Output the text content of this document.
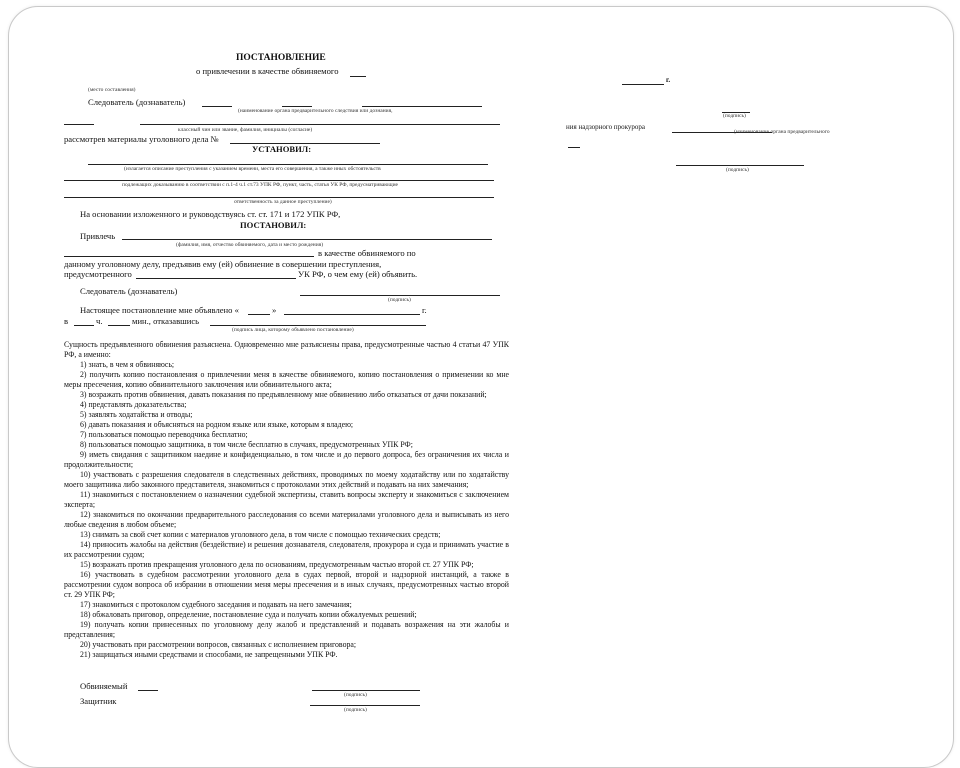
ПОСТАНОВЛЕНИЕ
о привлечении в качестве обвиняемого
г.
(место составления)
Следователь (дознаватель)
(наименование органа предварительного следствия или дознания,
классный чин или звание, фамилия, инициалы (согласие)
рассмотрев материалы уголовного дела №
(подпись)
ния надзорного прокурора
(наименование органа предварительного
(подпись)
УСТАНОВИЛ:
(излагается описание преступления с указанием времени, места его совершения, а также иных обстоятельств
подлежащих доказыванию в соответствии с п.1-4 ч.1 ст.73 УПК РФ, пункт, часть, статья УК РФ, предусматривающие
ответственность за данное преступление)
На основании изложенного и руководствуясь ст. ст. 171 и 172 УПК РФ,
ПОСТАНОВИЛ:
Привлечь
(фамилия, имя, отчество обвиняемого, дата и место рождения)
в качестве обвиняемого по
данному уголовному делу, предъявив ему (ей) обвинение в совершении преступления,
предусмотренного	УК РФ, о чем ему (ей) объявить.
Следователь (дознаватель)
(подпись)
Настоящее постановление мне объявлено «	»	г.
в	ч.	мин., отказавшись
(подпись лица, которому объявлено постановление)
Сущность предъявленного обвинения разъяснена. Одновременно мне разъяснены права, предусмотренные частью 4 статьи 47 УПК РФ, а именно:
1) знать, в чем я обвиняюсь;
2) получить копию постановления о привлечении меня в качестве обвиняемого, копию постановления о применении ко мне меры пресечения, копию обвинительного заключения или обвинительного акта;
3) возражать против обвинения, давать показания по предъявленному мне обвинению либо отказаться от дачи показаний;
4) представлять доказательства;
5) заявлять ходатайства и отводы;
6) давать показания и объясняться на родном языке или языке, которым я владею;
7) пользоваться помощью переводчика бесплатно;
8) пользоваться помощью защитника, в том числе бесплатно в случаях, предусмотренных УПК РФ;
9) иметь свидания с защитником наедине и конфиденциально, в том числе и до первого допроса, без ограничения их числа и продолжительности;
10) участвовать с разрешения следователя в следственных действиях, проводимых по моему ходатайству или по ходатайству моего защитника либо законного представителя, знакомиться с протоколами этих действий и подавать на них замечания;
11) знакомиться с постановлением о назначении судебной экспертизы, ставить вопросы эксперту и знакомиться с заключением эксперта;
12) знакомиться по окончании предварительного расследования со всеми материалами уголовного дела и выписывать из него любые сведения в любом объеме;
13) снимать за свой счет копии с материалов уголовного дела, в том числе с помощью технических средств;
14) приносить жалобы на действия (бездействие) и решения дознавателя, следователя, прокурора и суда и принимать участие в их рассмотрении судом;
15) возражать против прекращения уголовного дела по основаниям, предусмотренным частью второй ст. 27 УПК РФ;
16) участвовать в судебном рассмотрении уголовного дела в судах первой, второй и надзорной инстанций, а также в рассмотрении судом вопроса об избрании в отношении меня меры пресечения и в иных случаях, предусмотренных частью второй ст. 29 УПК РФ;
17) знакомиться с протоколом судебного заседания и подавать на него замечания;
18) обжаловать приговор, определение, постановление суда и получать копии обжалуемых решений;
19) получать копии принесенных по уголовному делу жалоб и представлений и подавать возражения на эти жалобы и представления;
20) участвовать при рассмотрении вопросов, связанных с исполнением приговора;
21) защищаться иными средствами и способами, не запрещенными УПК РФ.
Обвиняемый
(подпись)
Защитник
(подпись)
